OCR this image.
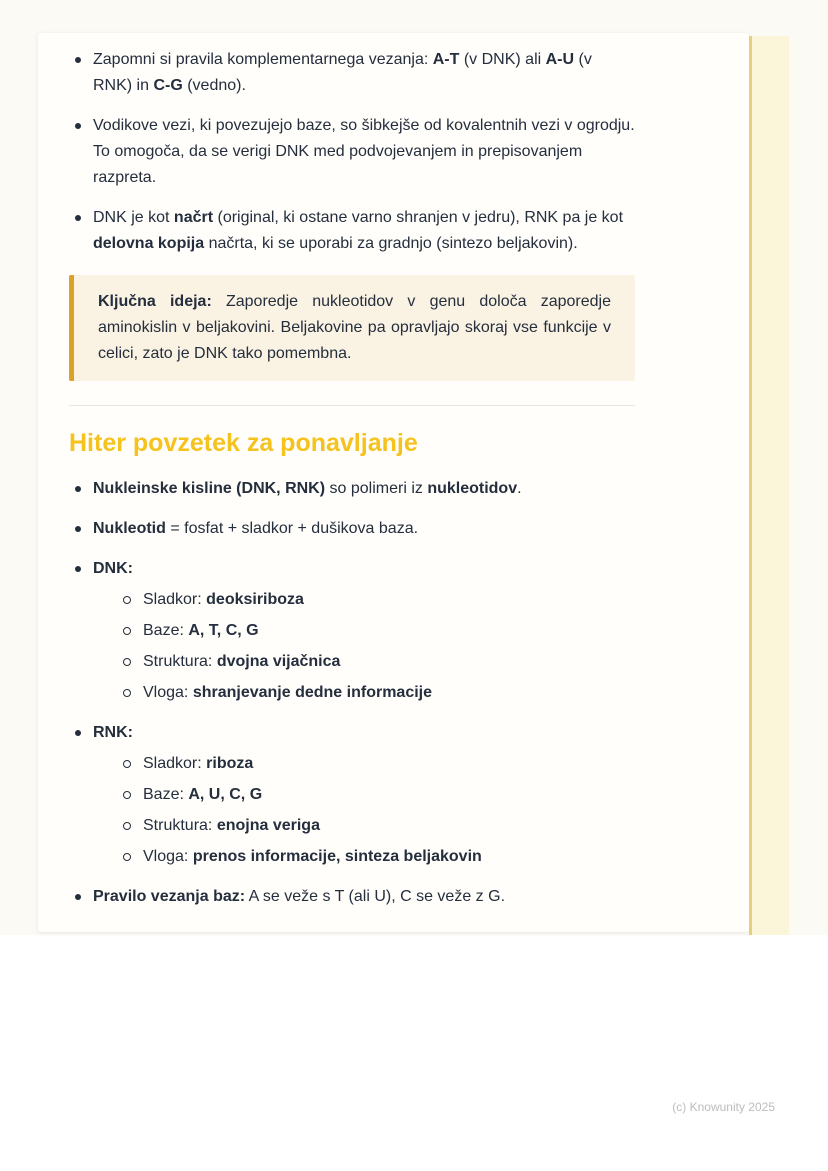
Zapomni si pravila komplementarnega vezanja: A-T (v DNK) ali A-U (v RNK) in C-G (vedno).
Vodikove vezi, ki povezujejo baze, so šibkejše od kovalentnih vezi v ogrodju. To omogoča, da se verigi DNK med podvojevanjem in prepisovanjem razpreta.
DNK je kot načrt (original, ki ostane varno shranjen v jedru), RNK pa je kot delovna kopija načrta, ki se uporabi za gradnjo (sintezo beljakovin).
Ključna ideja: Zaporedje nukleotidov v genu določa zaporedje aminokislin v beljakovini. Beljakovine pa opravljajo skoraj vse funkcije v celici, zato je DNK tako pomembna.
Hiter povzetek za ponavljanje
Nukleinske kisline (DNK, RNK) so polimeri iz nukleotidov.
Nukleotid = fosfat + sladkor + dušikova baza.
DNK:
Sladkor: deoksiriboza
Baze: A, T, C, G
Struktura: dvojna vijačnica
Vloga: shranjevanje dedne informacije
RNK:
Sladkor: riboza
Baze: A, U, C, G
Struktura: enojna veriga
Vloga: prenos informacije, sinteza beljakovin
Pravilo vezanja baz: A se veže s T (ali U), C se veže z G.
(c) Knowunity 2025
